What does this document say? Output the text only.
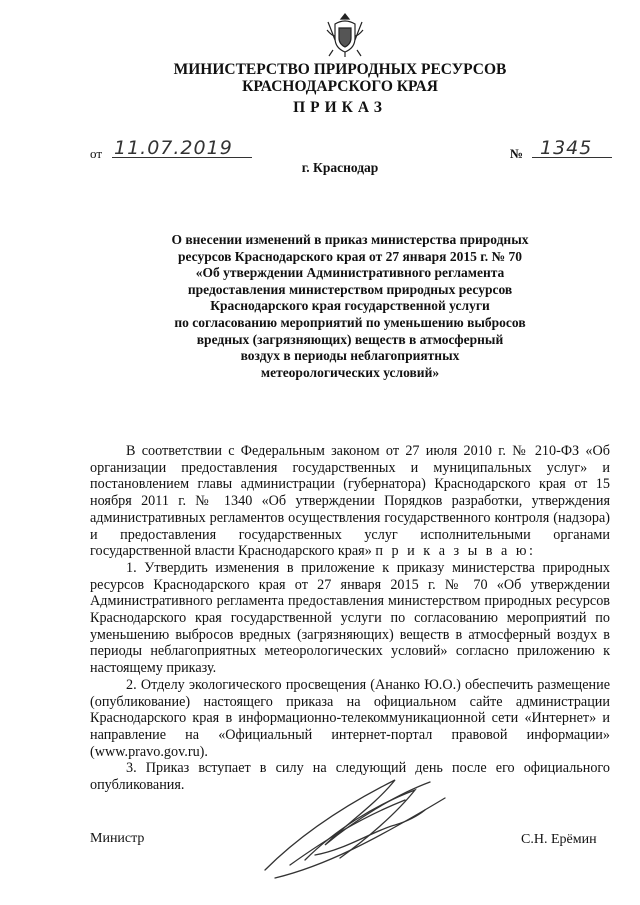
МИНИСТЕРСТВО ПРИРОДНЫХ РЕСУРСОВ
КРАСНОДАРСКОГО КРАЯ
ПРИКАЗ
от 11.07.2019	№ 1345
г. Краснодар
О внесении изменений в приказ министерства природных
ресурсов Краснодарского края от 27 января 2015 г. № 70
«Об утверждении Административного регламента
предоставления министерством природных ресурсов
Краснодарского края государственной услуги
по согласованию мероприятий по уменьшению выбросов
вредных (загрязняющих) веществ в атмосферный
воздух в периоды неблагоприятных
метеорологических условий»

В соответствии с Федеральным законом от 27 июля 2010 г. № 210-ФЗ «Об организации предоставления государственных и муниципальных услуг» и постановлением главы администрации (губернатора) Краснодарского края от 15 ноября 2011 г. № 1340 «Об утверждении Порядков разработки, утверждения административных регламентов осуществления государственного контроля (надзора) и предоставления государственных услуг исполнительными органами государственной власти Краснодарского края» п р и к а з ы в а ю:

1. Утвердить изменения в приложение к приказу министерства природных ресурсов Краснодарского края от 27 января 2015 г. № 70 «Об утверждении Административного регламента предоставления министерством природных ресурсов Краснодарского края государственной услуги по согласованию мероприятий по уменьшению выбросов вредных (загрязняющих) веществ в атмосферный воздух в периоды неблагоприятных метеорологических условий» согласно приложению к настоящему приказу.

2. Отделу экологического просвещения (Ананко Ю.О.) обеспечить размещение (опубликование) настоящего приказа на официальном сайте администрации Краснодарского края в информационно-телекоммуникационной сети «Интернет» и направление на «Официальный интернет-портал правовой информации» (www.pravo.gov.ru).

3. Приказ вступает в силу на следующий день после его официального опубликования.

Министр	С.Н. Ерёмин
